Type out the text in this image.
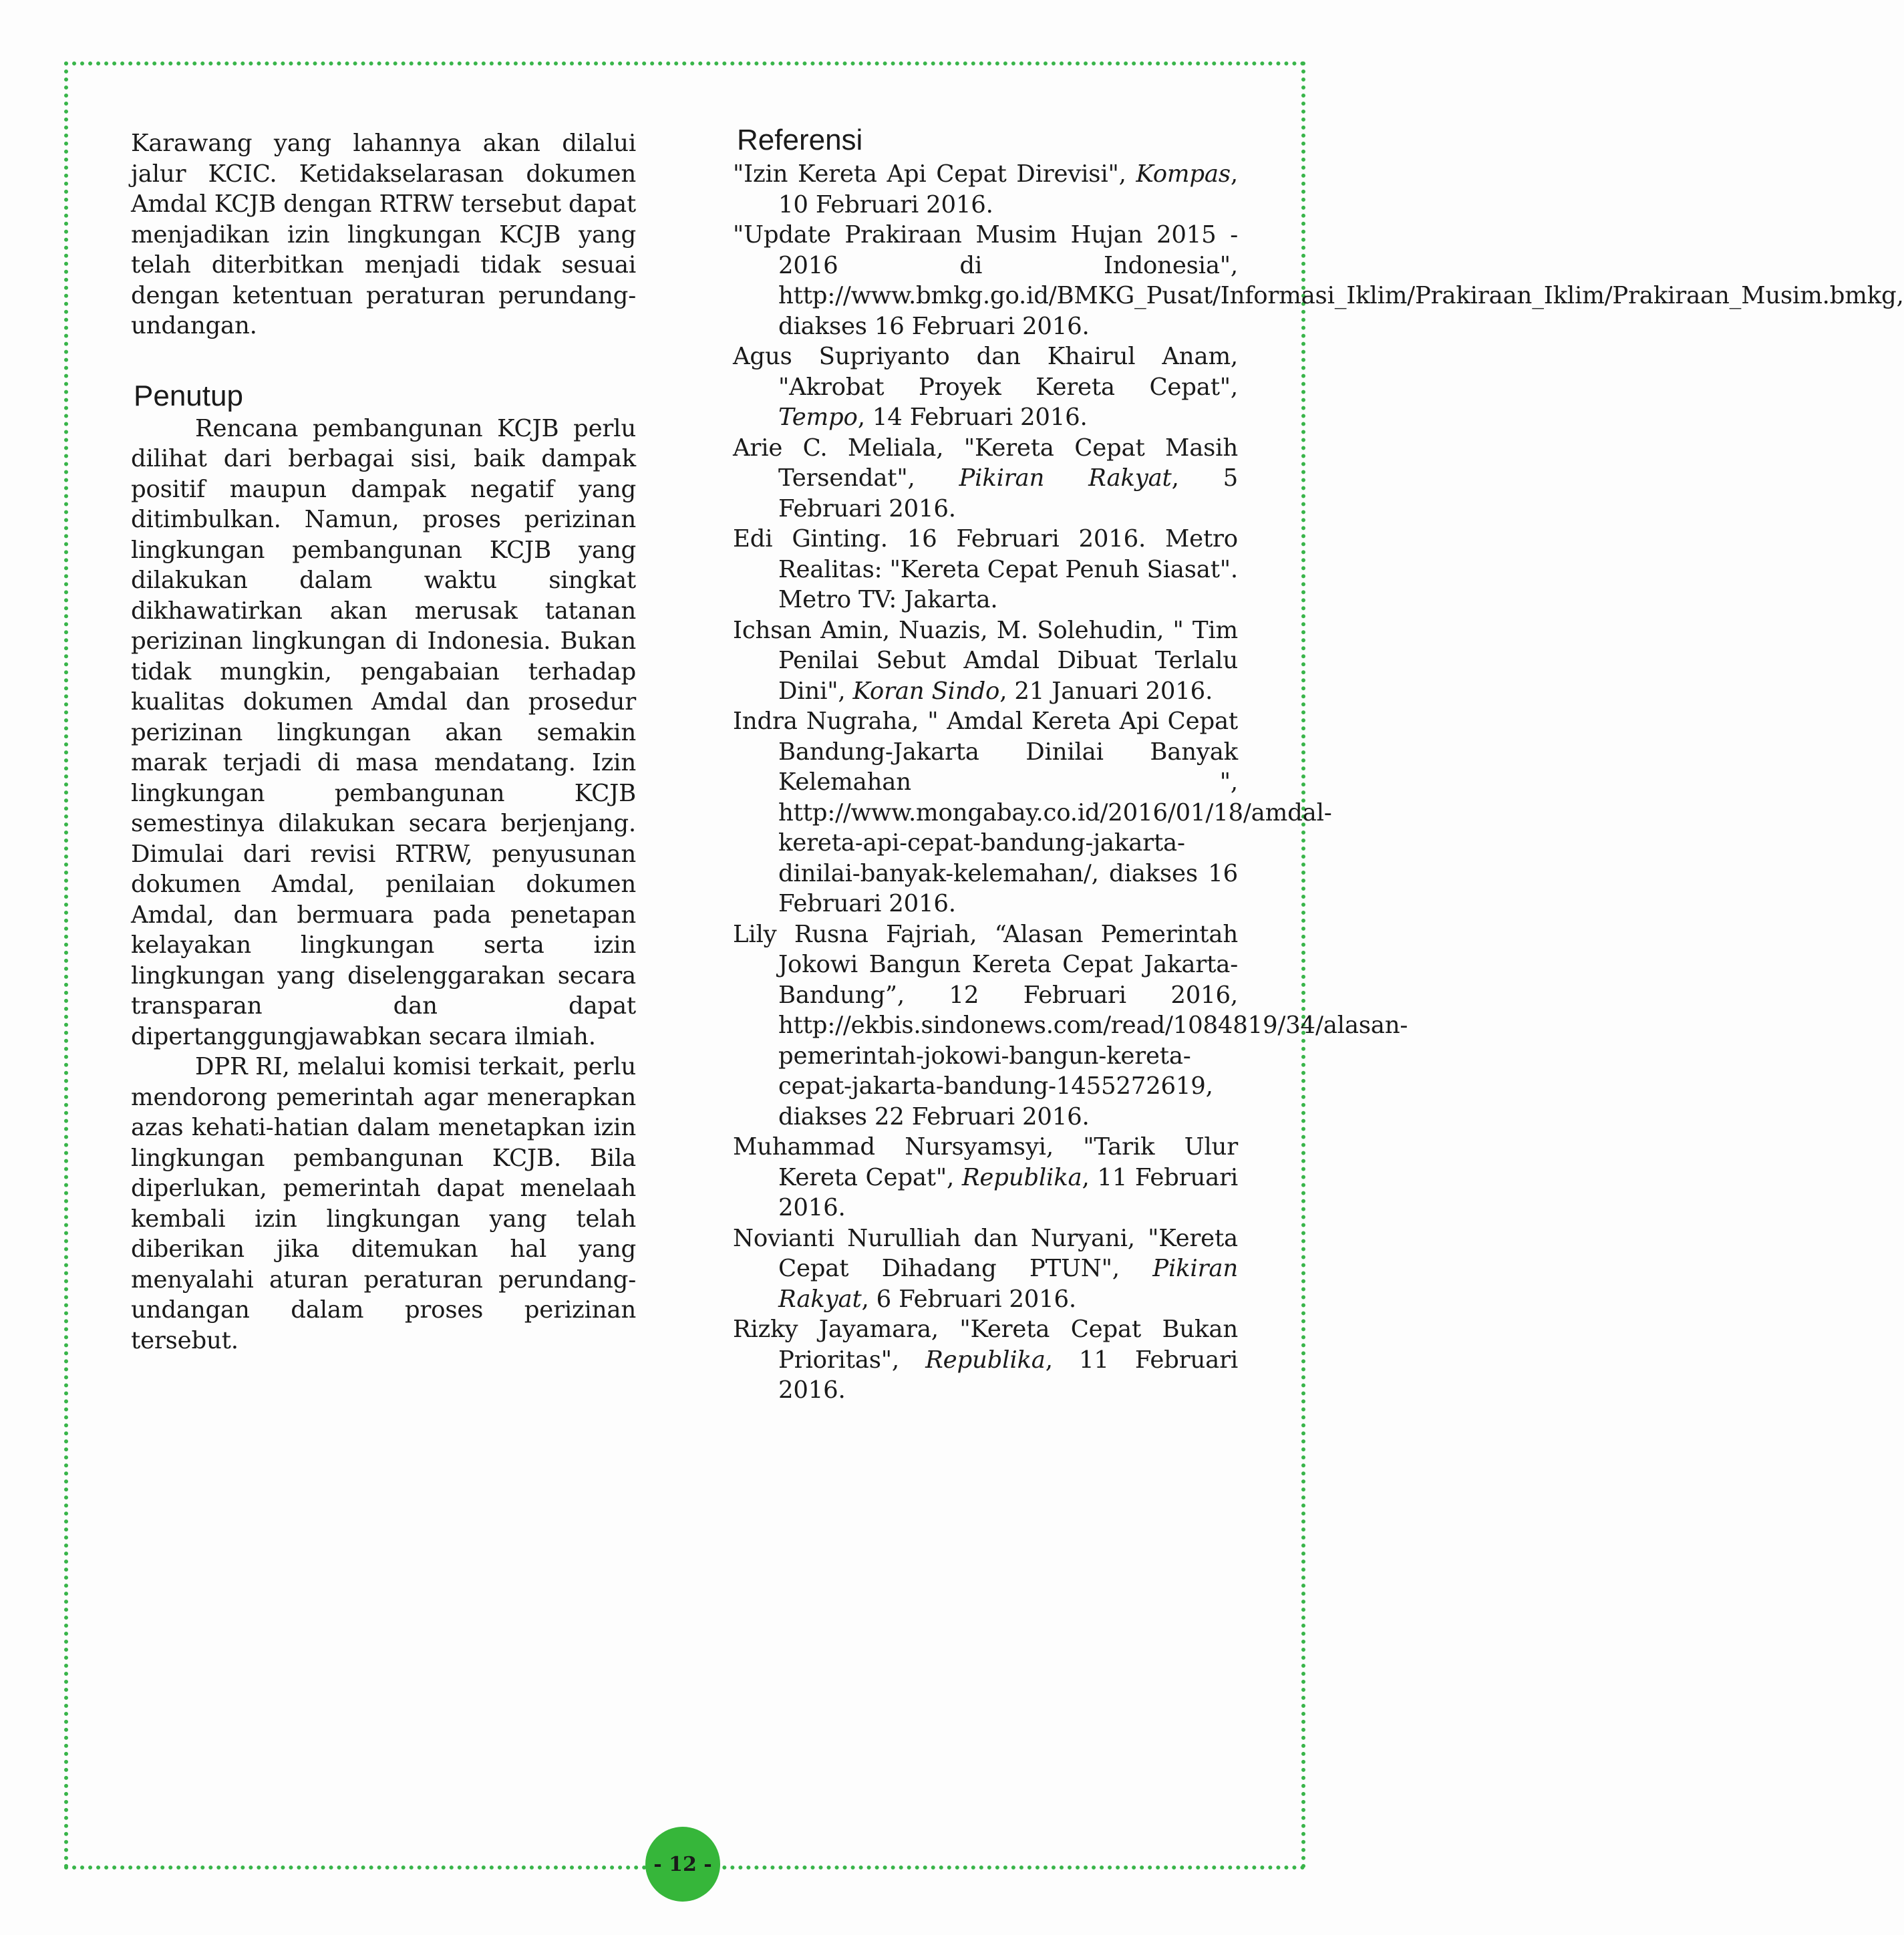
Karawang yang lahannya akan dilalui jalur KCIC. Ketidakselarasan dokumen Amdal KCJB dengan RTRW tersebut dapat menjadikan izin lingkungan KCJB yang telah diterbitkan menjadi tidak sesuai dengan ketentuan peraturan perundang-undangan.

Penutup

Rencana pembangunan KCJB perlu dilihat dari berbagai sisi, baik dampak positif maupun dampak negatif yang ditimbulkan. Namun, proses perizinan lingkungan pembangunan KCJB yang dilakukan dalam waktu singkat dikhawatirkan akan merusak tatanan perizinan lingkungan di Indonesia. Bukan tidak mungkin, pengabaian terhadap kualitas dokumen Amdal dan prosedur perizinan lingkungan akan semakin marak terjadi di masa mendatang. Izin lingkungan pembangunan KCJB semestinya dilakukan secara berjenjang. Dimulai dari revisi RTRW, penyusunan dokumen Amdal, penilaian dokumen Amdal, dan bermuara pada penetapan kelayakan lingkungan serta izin lingkungan yang diselenggarakan secara transparan dan dapat dipertanggungjawabkan secara ilmiah.

DPR RI, melalui komisi terkait, perlu mendorong pemerintah agar menerapkan azas kehati-hatian dalam menetapkan izin lingkungan pembangunan KCJB. Bila diperlukan, pemerintah dapat menelaah kembali izin lingkungan yang telah diberikan jika ditemukan hal yang menyalahi aturan peraturan perundang-undangan dalam proses perizinan tersebut.

Referensi

"Izin Kereta Api Cepat Direvisi", Kompas, 10 Februari 2016.

"Update Prakiraan Musim Hujan 2015 - 2016 di Indonesia", http://www.bmkg.go.id/BMKG_Pusat/Informasi_Iklim/Prakiraan_Iklim/Prakiraan_Musim.bmkg, diakses 16 Februari 2016.

Agus Supriyanto dan Khairul Anam, "Akrobat Proyek Kereta Cepat", Tempo, 14 Februari 2016.

Arie C. Meliala, "Kereta Cepat Masih Tersendat", Pikiran Rakyat, 5 Februari 2016.

Edi Ginting. 16 Februari 2016. Metro Realitas: "Kereta Cepat Penuh Siasat". Metro TV: Jakarta.

Ichsan Amin, Nuazis, M. Solehudin, " Tim Penilai Sebut Amdal Dibuat Terlalu Dini", Koran Sindo, 21 Januari 2016.

Indra Nugraha, " Amdal Kereta Api Cepat Bandung-Jakarta Dinilai Banyak Kelemahan ", http://www.mongabay.co.id/2016/01/18/amdal-kereta-api-cepat-bandung-jakarta-dinilai-banyak-kelemahan/, diakses 16 Februari 2016.

Lily Rusna Fajriah, “Alasan Pemerintah Jokowi Bangun Kereta Cepat Jakarta-Bandung”, 12 Februari 2016, http://ekbis.sindonews.com/read/1084819/34/alasan-pemerintah-jokowi-bangun-kereta-cepat-jakarta-bandung-1455272619, diakses 22 Februari 2016.

Muhammad Nursyamsyi, "Tarik Ulur Kereta Cepat", Republika, 11 Februari 2016.

Novianti Nurulliah dan Nuryani, "Kereta Cepat Dihadang PTUN", Pikiran Rakyat, 6 Februari 2016.

Rizky Jayamara, "Kereta Cepat Bukan Prioritas", Republika, 11 Februari 2016.

- 12 -
